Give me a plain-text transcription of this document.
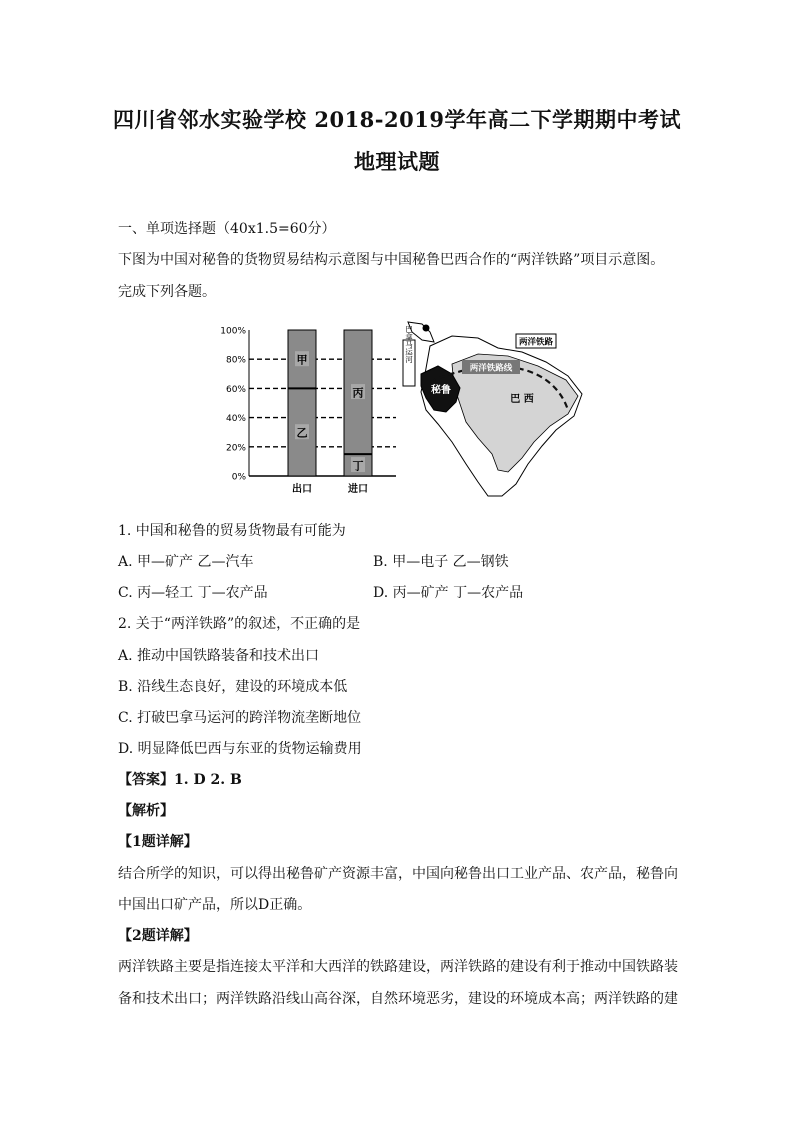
四川省邻水实验学校 2018-2019学年高二下学期期中考试
地理试题
一、单项选择题（40x1.5=60分）
下图为中国对秘鲁的货物贸易结构示意图与中国秘鲁巴西合作的“两洋铁路”项目示意图。
完成下列各题。
0%
20%
40%
60%
80%
100%
甲
乙
出口
丙
丁
进口
两洋铁路线
两洋铁路
巴拿马运河
秘鲁
巴 西
1. 中国和秘鲁的贸易货物最有可能为
A. 甲—矿产 乙—汽车	B. 甲—电子 乙—钢铁
C. 丙—轻工 丁—农产品	D. 丙—矿产 丁—农产品
2. 关于“两洋铁路”的叙述，不正确的是
A. 推动中国铁路装备和技术出口
B. 沿线生态良好，建设的环境成本低
C. 打破巴拿马运河的跨洋物流垄断地位
D. 明显降低巴西与东亚的货物运输费用
【答案】1. D 2. B
【解析】
【1题详解】
结合所学的知识，可以得出秘鲁矿产资源丰富，中国向秘鲁出口工业产品、农产品，秘鲁向
中国出口矿产品，所以D正确。
【2题详解】
两洋铁路主要是指连接太平洋和大西洋的铁路建设，两洋铁路的建设有利于推动中国铁路装
备和技术出口；两洋铁路沿线山高谷深，自然环境恶劣，建设的环境成本高；两洋铁路的建
